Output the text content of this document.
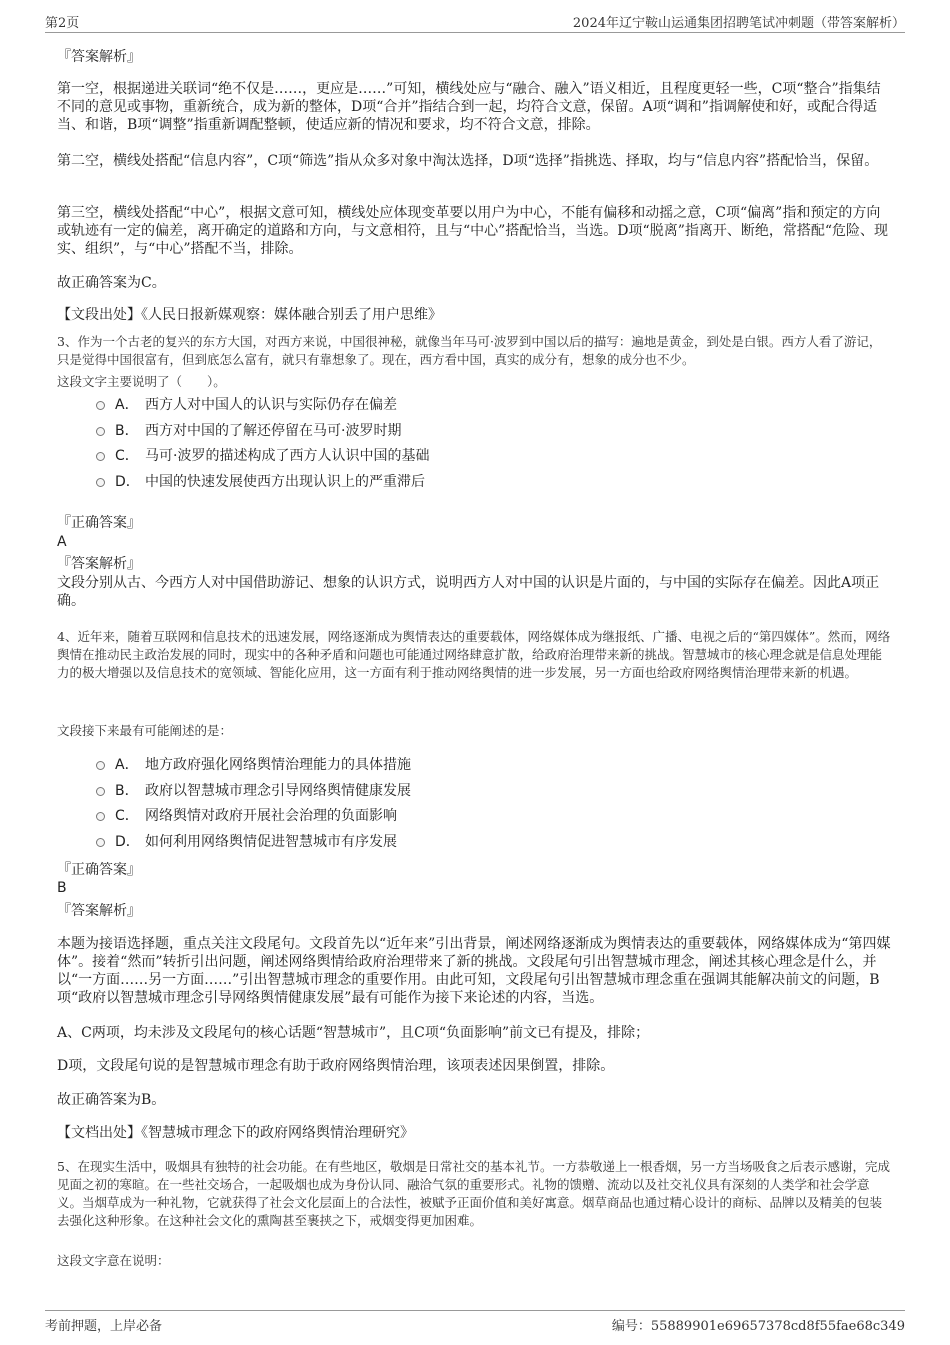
第2页	2024年辽宁鞍山运通集团招聘笔试冲刺题（带答案解析）
『答案解析』
第一空，根据递进关联词“绝不仅是……，更应是……”可知，横线处应与“融合、融入”语义相近，且程度更轻一些，C项“整合”指集结不同的意见或事物，重新统合，成为新的整体，D项“合并”指结合到一起，均符合文意，保留。A项“调和”指调解使和好，或配合得适当、和谐，B项“调整”指重新调配整顿，使适应新的情况和要求，均不符合文意，排除。
第二空，横线处搭配“信息内容”，C项“筛选”指从众多对象中淘汰选择，D项“选择”指挑选、择取，均与“信息内容”搭配恰当，保留。
第三空，横线处搭配“中心”，根据文意可知，横线处应体现变革要以用户为中心，不能有偏移和动摇之意，C项“偏离”指和预定的方向或轨迹有一定的偏差，离开确定的道路和方向，与文意相符，且与“中心”搭配恰当，当选。D项“脱离”指离开、断绝，常搭配“危险、现实、组织”，与“中心”搭配不当，排除。
故正确答案为C。
【文段出处】《人民日报新媒观察：媒体融合别丢了用户思维》
3、作为一个古老的复兴的东方大国，对西方来说，中国很神秘，就像当年马可·波罗到中国以后的描写：遍地是黄金，到处是白银。西方人看了游记，只是觉得中国很富有，但到底怎么富有，就只有靠想象了。现在，西方看中国，真实的成分有，想象的成分也不少。
这段文字主要说明了（　　）。
A． 西方人对中国人的认识与实际仍存在偏差
B． 西方对中国的了解还停留在马可·波罗时期
C． 马可·波罗的描述构成了西方人认识中国的基础
D． 中国的快速发展使西方出现认识上的严重滞后
『正确答案』
A
『答案解析』
文段分别从古、今西方人对中国借助游记、想象的认识方式，说明西方人对中国的认识是片面的，与中国的实际存在偏差。因此A项正确。
4、近年来，随着互联网和信息技术的迅速发展，网络逐渐成为舆情表达的重要载体，网络媒体成为继报纸、广播、电视之后的“第四媒体”。然而，网络舆情在推动民主政治发展的同时，现实中的各种矛盾和问题也可能通过网络肆意扩散，给政府治理带来新的挑战。智慧城市的核心理念就是信息处理能力的极大增强以及信息技术的宽领域、智能化应用，这一方面有利于推动网络舆情的进一步发展，另一方面也给政府网络舆情治理带来新的机遇。
文段接下来最有可能阐述的是：
A． 地方政府强化网络舆情治理能力的具体措施
B． 政府以智慧城市理念引导网络舆情健康发展
C． 网络舆情对政府开展社会治理的负面影响
D． 如何利用网络舆情促进智慧城市有序发展
『正确答案』
B
『答案解析』
本题为接语选择题，重点关注文段尾句。文段首先以“近年来”引出背景，阐述网络逐渐成为舆情表达的重要载体，网络媒体成为“第四媒体”。接着“然而”转折引出问题，阐述网络舆情给政府治理带来了新的挑战。文段尾句引出智慧城市理念，阐述其核心理念是什么，并以“一方面……另一方面……”引出智慧城市理念的重要作用。由此可知，文段尾句引出智慧城市理念重在强调其能解决前文的问题，B项“政府以智慧城市理念引导网络舆情健康发展”最有可能作为接下来论述的内容，当选。
A、C两项，均未涉及文段尾句的核心话题“智慧城市”，且C项“负面影响”前文已有提及，排除；
D项，文段尾句说的是智慧城市理念有助于政府网络舆情治理，该项表述因果倒置，排除。
故正确答案为B。
【文档出处】《智慧城市理念下的政府网络舆情治理研究》
5、在现实生活中，吸烟具有独特的社会功能。在有些地区，敬烟是日常社交的基本礼节。一方恭敬递上一根香烟，另一方当场吸食之后表示感谢，完成见面之初的寒暄。在一些社交场合，一起吸烟也成为身份认同、融洽气氛的重要形式。礼物的馈赠、流动以及社交礼仪具有深刻的人类学和社会学意义。当烟草成为一种礼物，它就获得了社会文化层面上的合法性，被赋予正面价值和美好寓意。烟草商品也通过精心设计的商标、品牌以及精美的包装去强化这种形象。在这种社会文化的熏陶甚至裹挟之下，戒烟变得更加困难。
这段文字意在说明：
考前押题，上岸必备	编号：55889901e69657378cd8f55fae68c349
